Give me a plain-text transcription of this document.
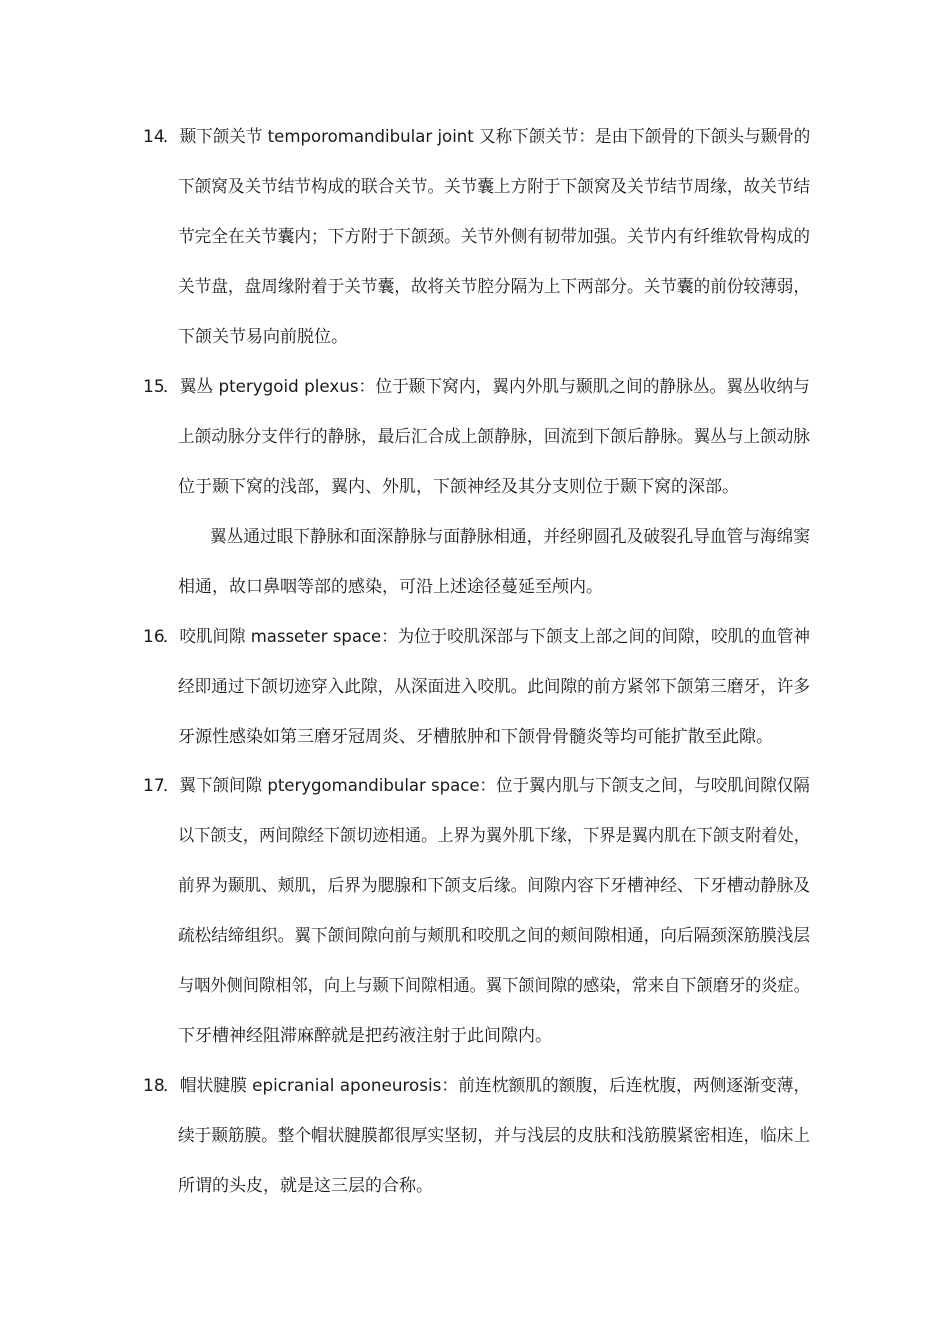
14
．颞下颌关节 temporomandibular joint 又称下颌关节：是由下颌骨的下颌头与颞骨的
下颌窝及关节结节构成的联合关节。关节囊上方附于下颌窝及关节结节周缘，故关节结
节完全在关节囊内；下方附于下颌颈。关节外侧有韧带加强。关节内有纤维软骨构成的
关节盘，盘周缘附着于关节囊，故将关节腔分隔为上下两部分。关节囊的前份较薄弱，
下颌关节易向前脱位。
15
．翼丛 pterygoid plexus：位于颞下窝内，翼内外肌与颞肌之间的静脉丛。翼丛收纳与
上颌动脉分支伴行的静脉，最后汇合成上颌静脉，回流到下颌后静脉。翼丛与上颌动脉
位于颞下窝的浅部，翼内、外肌，下颌神经及其分支则位于颞下窝的深部。
翼丛通过眼下静脉和面深静脉与面静脉相通，并经卵圆孔及破裂孔导血管与海绵窦
相通，故口鼻咽等部的感染，可沿上述途径蔓延至颅内。
16
．咬肌间隙 masseter space：为位于咬肌深部与下颌支上部之间的间隙，咬肌的血管神
经即通过下颌切迹穿入此隙，从深面进入咬肌。此间隙的前方紧邻下颌第三磨牙，许多
牙源性感染如第三磨牙冠周炎、牙槽脓肿和下颌骨骨髓炎等均可能扩散至此隙。
17
．翼下颌间隙 pterygomandibular space：位于翼内肌与下颌支之间，与咬肌间隙仅隔
以下颌支，两间隙经下颌切迹相通。上界为翼外肌下缘，下界是翼内肌在下颌支附着处，
前界为颞肌、颊肌，后界为腮腺和下颌支后缘。间隙内容下牙槽神经、下牙槽动静脉及
疏松结缔组织。翼下颌间隙向前与颊肌和咬肌之间的颊间隙相通，向后隔颈深筋膜浅层
与咽外侧间隙相邻，向上与颞下间隙相通。翼下颌间隙的感染，常来自下颌磨牙的炎症。
下牙槽神经阻滞麻醉就是把药液注射于此间隙内。
18
．帽状腱膜 epicranial aponeurosis：前连枕额肌的额腹，后连枕腹，两侧逐渐变薄，
续于颞筋膜。整个帽状腱膜都很厚实坚韧，并与浅层的皮肤和浅筋膜紧密相连，临床上
所谓的头皮，就是这三层的合称。
